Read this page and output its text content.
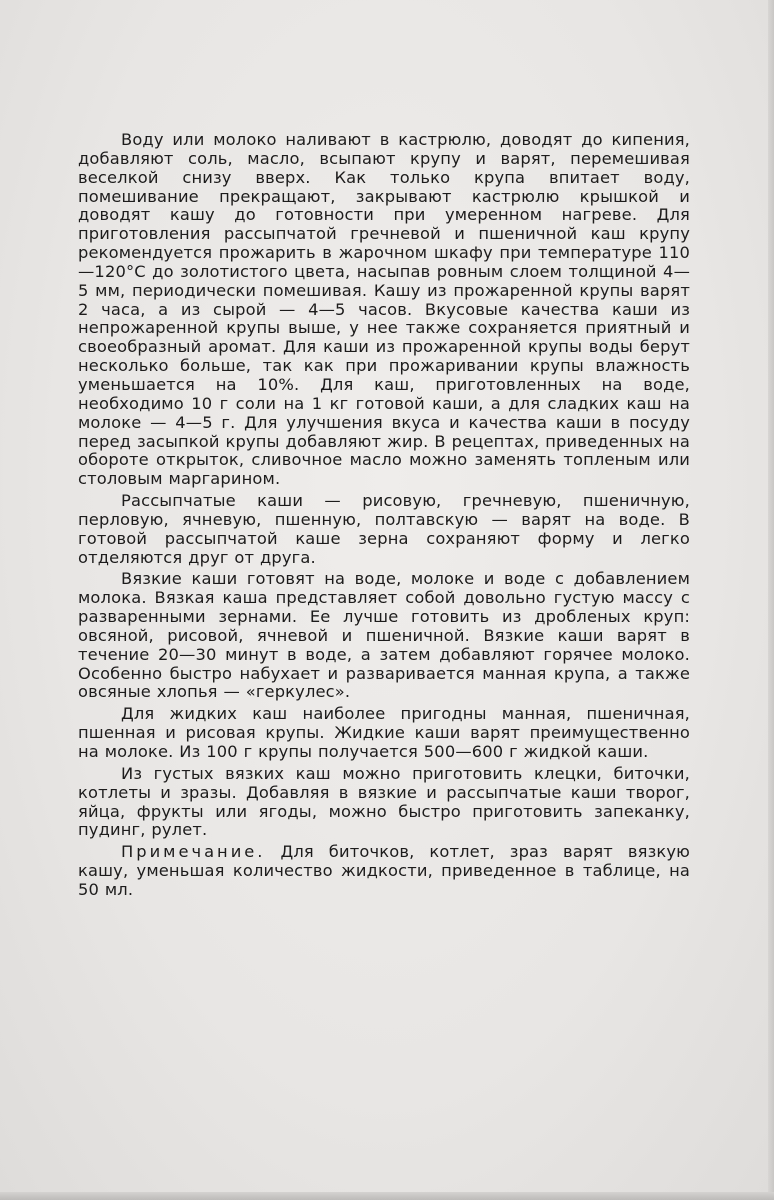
Воду или молоко наливают в кастрюлю, доводят до кипения, добавляют соль, масло, всыпают крупу и варят, перемешивая веселкой снизу вверх. Как только крупа впитает воду, помешивание прекращают, закрывают кастрюлю крышкой и доводят кашу до готовности при умеренном нагреве. Для приготовления рассыпчатой гречневой и пшеничной каш крупу рекомендуется прожарить в жарочном шкафу при температуре 110—120°С до золотистого цвета, насыпав ровным слоем толщиной 4—5 мм, периодически помешивая. Кашу из прожаренной крупы варят 2 часа, а из сырой — 4—5 часов. Вкусовые качества каши из непрожаренной крупы выше, у нее также сохраняется приятный и своеобразный аромат. Для каши из прожаренной крупы воды берут несколько больше, так как при прожаривании крупы влажность уменьшается на 10%. Для каш, приготовленных на воде, необходимо 10 г соли на 1 кг готовой каши, а для сладких каш на молоке — 4—5 г. Для улучшения вкуса и качества каши в посуду перед засыпкой крупы добавляют жир. В рецептах, приведенных на обороте открыток, сливочное масло можно заменять топленым или столовым маргарином.

Рассыпчатые каши — рисовую, гречневую, пшеничную, перловую, ячневую, пшенную, полтавскую — варят на воде. В готовой рассыпчатой каше зерна сохраняют форму и легко отделяются друг от друга.

Вязкие каши готовят на воде, молоке и воде с добавлением молока. Вязкая каша представляет собой довольно густую массу с разваренными зернами. Ее лучше готовить из дробленых круп: овсяной, рисовой, ячневой и пшеничной. Вязкие каши варят в течение 20—30 минут в воде, а затем добавляют горячее молоко. Особенно быстро набухает и разваривается манная крупа, а также овсяные хлопья — «геркулес».

Для жидких каш наиболее пригодны манная, пшеничная, пшенная и рисовая крупы. Жидкие каши варят преимущественно на молоке. Из 100 г крупы получается 500—600 г жидкой каши.

Из густых вязких каш можно приготовить клецки, биточки, котлеты и зразы. Добавляя в вязкие и рассыпчатые каши творог, яйца, фрукты или ягоды, можно быстро приготовить запеканку, пудинг, рулет.

Примечание. Для биточков, котлет, зраз варят вязкую кашу, уменьшая количество жидкости, приведенное в таблице, на 50 мл.
